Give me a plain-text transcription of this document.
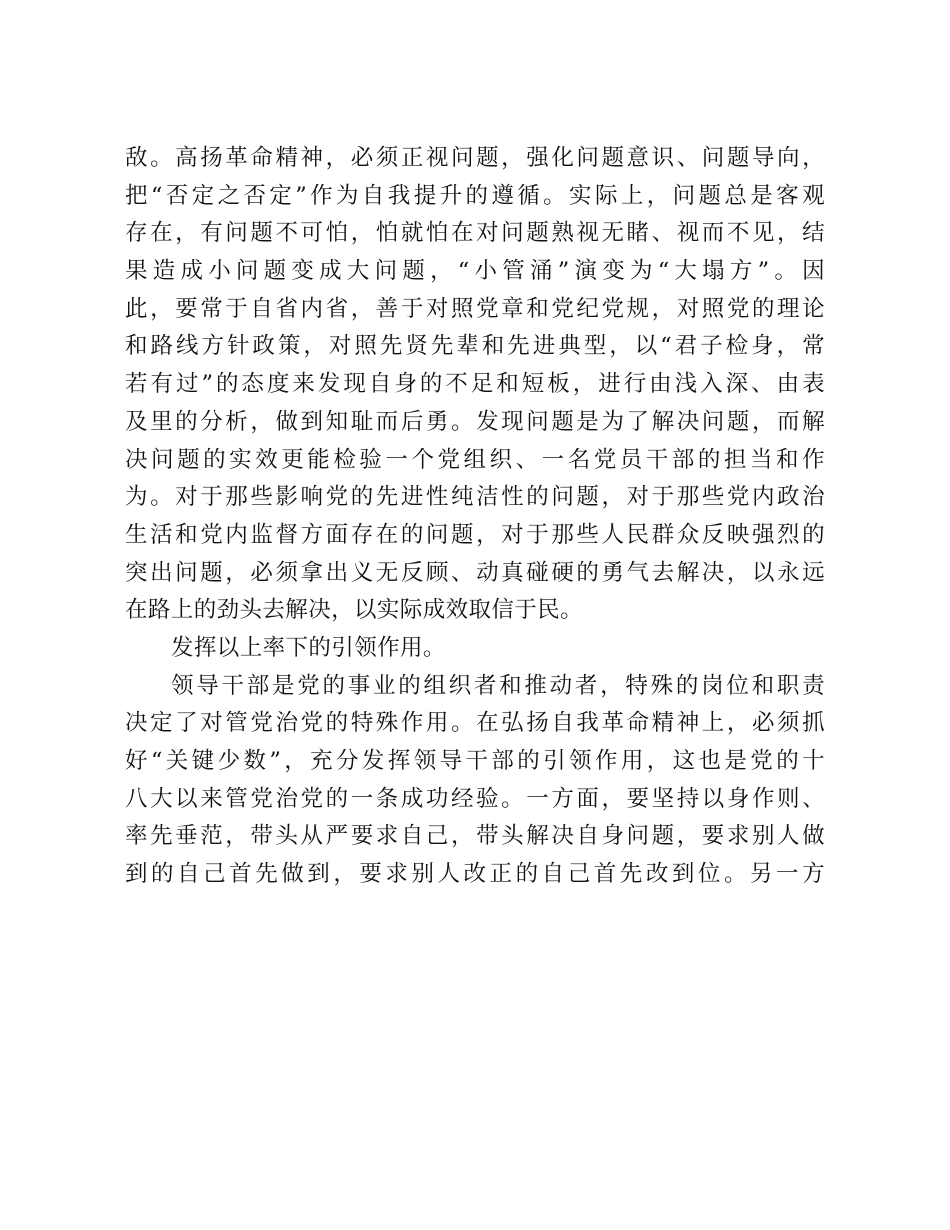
敌。高扬革命精神，必须正视问题，强化问题意识、问题导向，
把“否定之否定”作为自我提升的遵循。实际上，问题总是客观
存在，有问题不可怕，怕就怕在对问题熟视无睹、视而不见，结
果造成小问题变成大问题，“小管涌”演变为“大塌方”。因
此，要常于自省内省，善于对照党章和党纪党规，对照党的理论
和路线方针政策，对照先贤先辈和先进典型，以“君子检身，常
若有过”的态度来发现自身的不足和短板，进行由浅入深、由表
及里的分析，做到知耻而后勇。发现问题是为了解决问题，而解
决问题的实效更能检验一个党组织、一名党员干部的担当和作
为。对于那些影响党的先进性纯洁性的问题，对于那些党内政治
生活和党内监督方面存在的问题，对于那些人民群众反映强烈的
突出问题，必须拿出义无反顾、动真碰硬的勇气去解决，以永远
在路上的劲头去解决，以实际成效取信于民。
发挥以上率下的引领作用。
领导干部是党的事业的组织者和推动者，特殊的岗位和职责
决定了对管党治党的特殊作用。在弘扬自我革命精神上，必须抓
好“关键少数”，充分发挥领导干部的引领作用，这也是党的十
八大以来管党治党的一条成功经验。一方面，要坚持以身作则、
率先垂范，带头从严要求自己，带头解决自身问题，要求别人做
到的自己首先做到，要求别人改正的自己首先改到位。另一方
